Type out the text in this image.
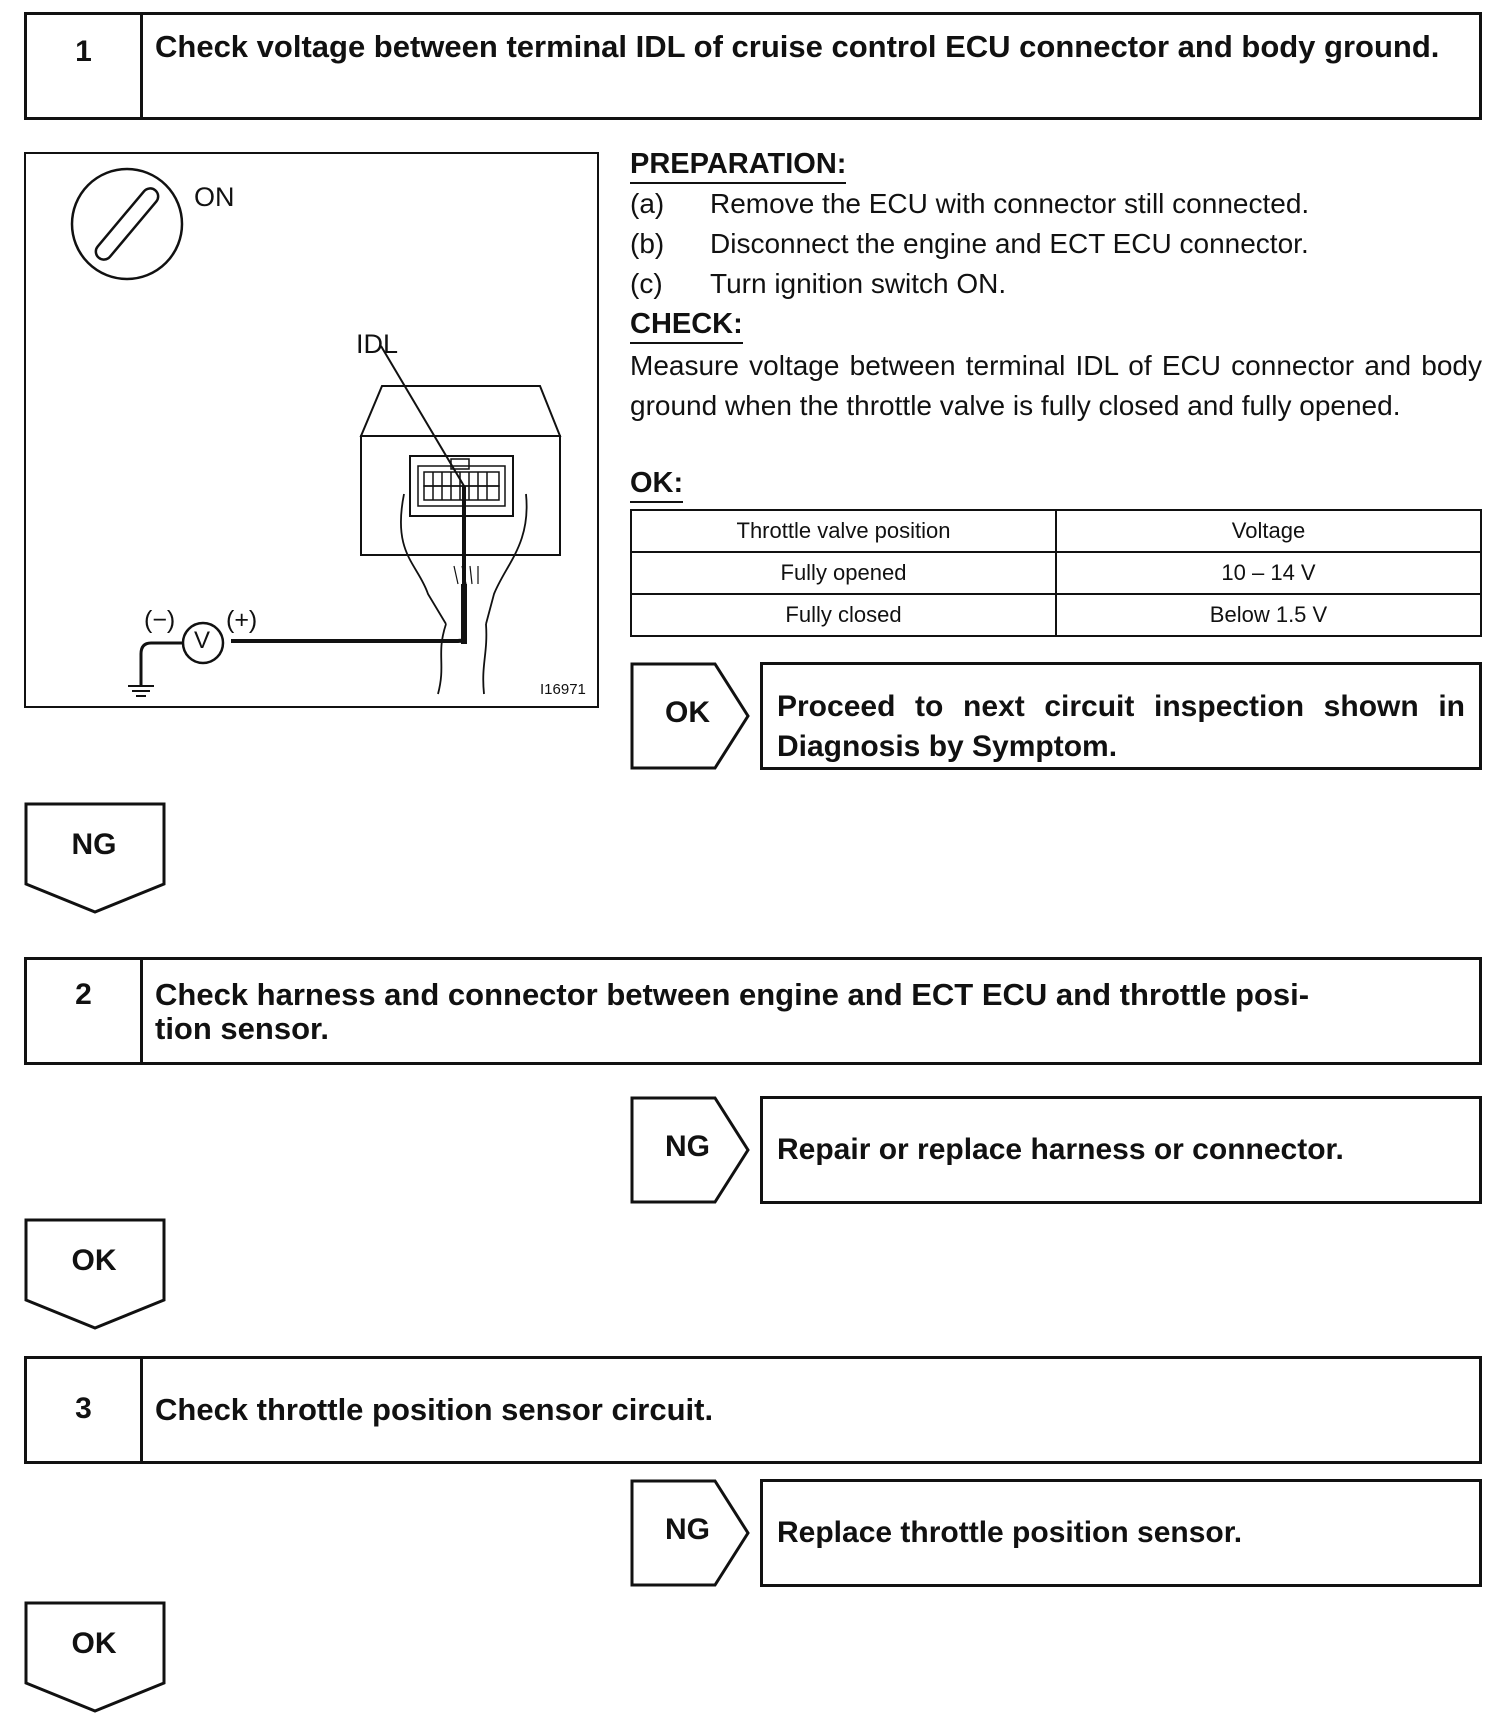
1	Check voltage between terminal IDL of cruise control ECU connector and body ground.
ON
IDL
(−) (+)
V
I16971
PREPARATION:
(a) Remove the ECU with connector still connected.
(b) Disconnect the engine and ECT ECU connector.
(c) Turn ignition switch ON.
CHECK:
Measure voltage between terminal IDL of ECU connector and body ground when the throttle valve is fully closed and fully opened.
OK:
Throttle valve position	Voltage
Fully opened	10 – 14 V
Fully closed	Below 1.5 V
OK	Proceed to next circuit inspection shown in Diagnosis by Symptom.
NG
2	Check harness and connector between engine and ECT ECU and throttle posi-
tion sensor.
NG	Repair or replace harness or connector.
OK
3	Check throttle position sensor circuit.
NG	Replace throttle position sensor.
OK
